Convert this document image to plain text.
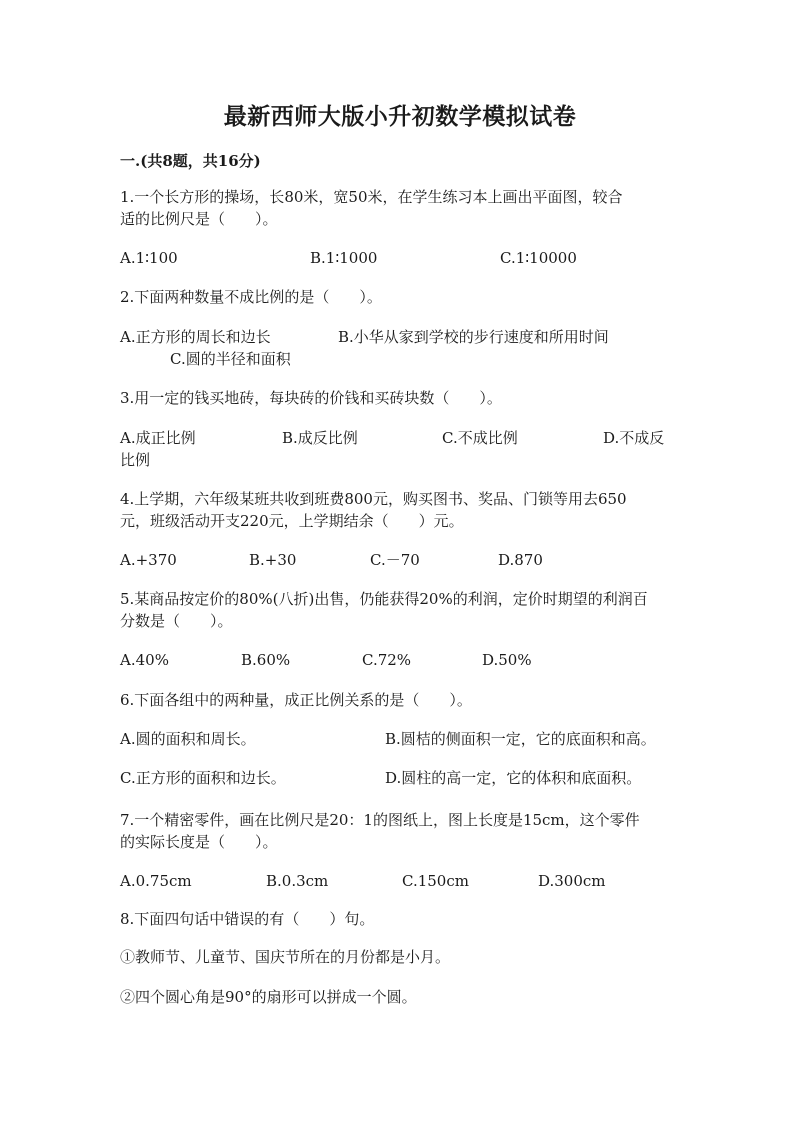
最新西师大版小升初数学模拟试卷
一.(共8题，共16分)
1.一个长方形的操场，长80米，宽50米，在学生练习本上画出平面图，较合
适的比例尺是（　　）。
A.1∶100	B.1∶1000	C.1∶10000
2.下面两种数量不成比例的是（　　）。
A.正方形的周长和边长	B.小华从家到学校的步行速度和所用时间
C.圆的半径和面积
3.用一定的钱买地砖，每块砖的价钱和买砖块数（　　）。
A.成正比例	B.成反比例	C.不成比例	D.不成反
比例
4.上学期，六年级某班共收到班费800元，购买图书、奖品、门锁等用去650
元，班级活动开支220元，上学期结余（　　）元。
A.+370	B.+30	C.－70	D.870
5.某商品按定价的80%(八折)出售，仍能获得20%的利润，定价时期望的利润百
分数是（　　）。
A.40%	B.60%	C.72%	D.50%
6.下面各组中的两种量，成正比例关系的是（　　）。
A.圆的面积和周长。	B.圆桔的侧面积一定，它的底面积和高。
C.正方形的面积和边长。	D.圆柱的高一定，它的体积和底面积。
7.一个精密零件，画在比例尺是20：1的图纸上，图上长度是15cm，这个零件
的实际长度是（　　）。
A.0.75cm	B.0.3cm	C.150cm	D.300cm
8.下面四句话中错误的有（　　）句。
①教师节、儿童节、国庆节所在的月份都是小月。
②四个圆心角是90°的扇形可以拼成一个圆。
